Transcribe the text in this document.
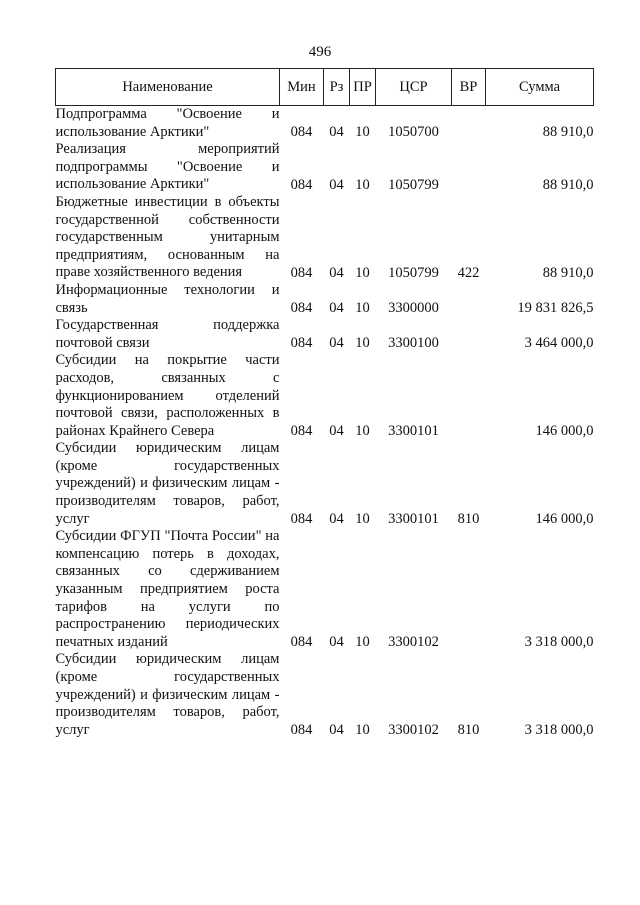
496
Наименование	Мин	Рз	ПР	ЦСР	ВР	Сумма
Подпрограмма "Освоение и использование Арктики"	084	04	10	1050700		88 910,0
Реализация мероприятий подпрограммы "Освоение и использование Арктики"	084	04	10	1050799		88 910,0
Бюджетные инвестиции в объекты государственной собственности государственным унитарным предприятиям, основанным на праве хозяйственного ведения	084	04	10	1050799	422	88 910,0
Информационные технологии и связь	084	04	10	3300000		19 831 826,5
Государственная поддержка почтовой связи	084	04	10	3300100		3 464 000,0
Субсидии на покрытие части расходов, связанных с функционированием отделений почтовой связи, расположенных в районах Крайнего Севера	084	04	10	3300101		146 000,0
Субсидии юридическим лицам (кроме государственных учреждений) и физическим лицам - производителям товаров, работ, услуг	084	04	10	3300101	810	146 000,0
Субсидии ФГУП "Почта России" на компенсацию потерь в доходах, связанных со сдерживанием указанным предприятием роста тарифов на услуги по распространению периодических печатных изданий	084	04	10	3300102		3 318 000,0
Субсидии юридическим лицам (кроме государственных учреждений) и физическим лицам - производителям товаров, работ, услуг	084	04	10	3300102	810	3 318 000,0
